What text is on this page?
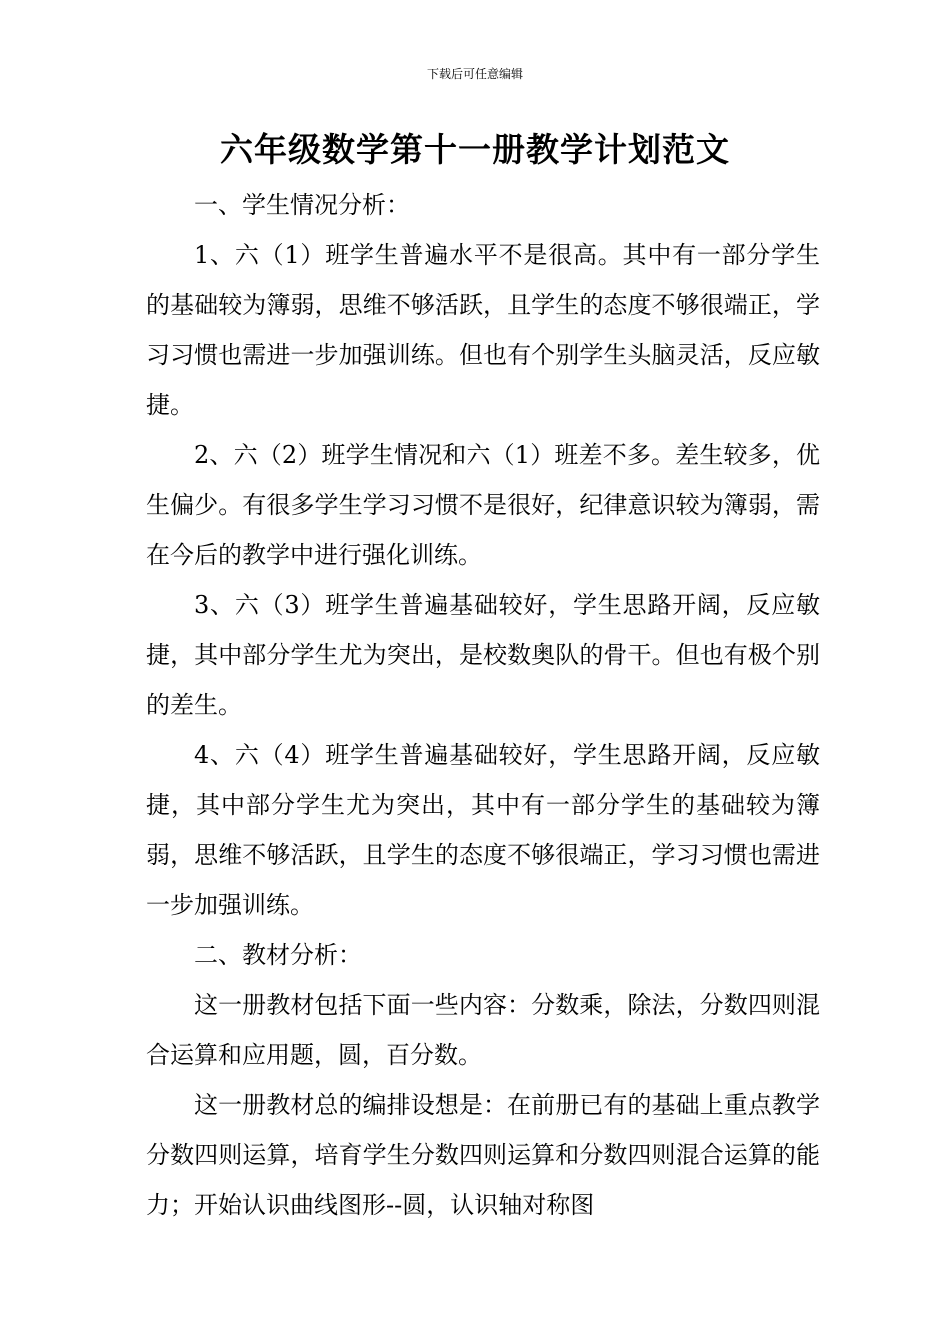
下载后可任意编辑
六年级数学第十一册教学计划范文

一、学生情况分析：

1、六（1）班学生普遍水平不是很高。其中有一部分学生的基础较为簿弱，思维不够活跃，且学生的态度不够很端正，学习习惯也需进一步加强训练。但也有个别学生头脑灵活，反应敏捷。

2、六（2）班学生情况和六（1）班差不多。差生较多，优生偏少。有很多学生学习习惯不是很好，纪律意识较为簿弱，需在今后的教学中进行强化训练。

3、六（3）班学生普遍基础较好，学生思路开阔，反应敏捷，其中部分学生尤为突出，是校数奥队的骨干。但也有极个别的差生。

4、六（4）班学生普遍基础较好，学生思路开阔，反应敏捷，其中部分学生尤为突出，其中有一部分学生的基础较为簿弱，思维不够活跃，且学生的态度不够很端正，学习习惯也需进一步加强训练。

二、教材分析：

这一册教材包括下面一些内容：分数乘，除法，分数四则混合运算和应用题，圆，百分数。

这一册教材总的编排设想是：在前册已有的基础上重点教学分数四则运算，培育学生分数四则运算和分数四则混合运算的能力；开始认识曲线图形--圆，认识轴对称图
